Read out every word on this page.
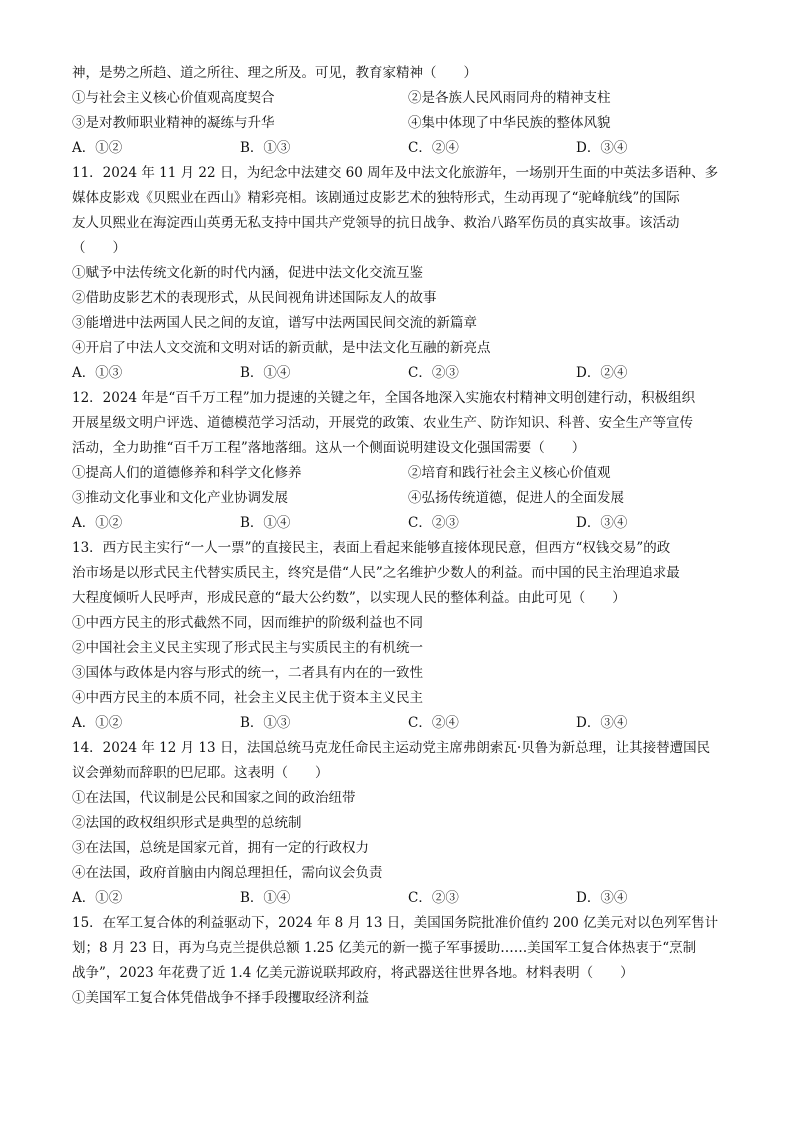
神，是势之所趋、道之所往、理之所及。可见，教育家精神（　　）
①与社会主义核心价值观高度契合	②是各族人民风雨同舟的精神支柱
③是对教师职业精神的凝练与升华	④集中体现了中华民族的整体风貌
A．①②	B．①③	C．②④	D．③④
11．2024 年 11 月 22 日，为纪念中法建交 60 周年及中法文化旅游年，一场别开生面的中英法多语种、多
媒体皮影戏《贝熙业在西山》精彩亮相。该剧通过皮影艺术的独特形式，生动再现了“驼峰航线”的国际
友人贝熙业在海淀西山英勇无私支持中国共产党领导的抗日战争、救治八路军伤员的真实故事。该活动
（　　）
①赋予中法传统文化新的时代内涵，促进中法文化交流互鉴
②借助皮影艺术的表现形式，从民间视角讲述国际友人的故事
③能增进中法两国人民之间的友谊，谱写中法两国民间交流的新篇章
④开启了中法人文交流和文明对话的新贡献，是中法文化互融的新亮点
A．①③	B．①④	C．②③	D．②④
12．2024 年是“百千万工程”加力提速的关键之年，全国各地深入实施农村精神文明创建行动，积极组织
开展星级文明户评选、道德模范学习活动，开展党的政策、农业生产、防诈知识、科普、安全生产等宣传
活动，全力助推“百千万工程”落地落细。这从一个侧面说明建设文化强国需要（　　）
①提高人们的道德修养和科学文化修养	②培育和践行社会主义核心价值观
③推动文化事业和文化产业协调发展	④弘扬传统道德，促进人的全面发展
A．①②	B．①④	C．②③	D．③④
13．西方民主实行“一人一票”的直接民主，表面上看起来能够直接体现民意，但西方“权钱交易”的政
治市场是以形式民主代替实质民主，终究是借“人民”之名维护少数人的利益。而中国的民主治理追求最
大程度倾听人民呼声，形成民意的“最大公约数”，以实现人民的整体利益。由此可见（　　）
①中西方民主的形式截然不同，因而维护的阶级利益也不同
②中国社会主义民主实现了形式民主与实质民主的有机统一
③国体与政体是内容与形式的统一，二者具有内在的一致性
④中西方民主的本质不同，社会主义民主优于资本主义民主
A．①②	B．①③	C．②④	D．③④
14．2024 年 12 月 13 日，法国总统马克龙任命民主运动党主席弗朗索瓦·贝鲁为新总理，让其接替遭国民
议会弹劾而辞职的巴尼耶。这表明（　　）
①在法国，代议制是公民和国家之间的政治纽带
②法国的政权组织形式是典型的总统制
③在法国，总统是国家元首，拥有一定的行政权力
④在法国，政府首脑由内阁总理担任，需向议会负责
A．①②	B．①④	C．②③	D．③④
15．在军工复合体的利益驱动下，2024 年 8 月 13 日，美国国务院批准价值约 200 亿美元对以色列军售计
划；8 月 23 日，再为乌克兰提供总额 1.25 亿美元的新一揽子军事援助……美国军工复合体热衷于“烹制
战争”，2023 年花费了近 1.4 亿美元游说联邦政府，将武器送往世界各地。材料表明（　　）
①美国军工复合体凭借战争不择手段攫取经济利益
